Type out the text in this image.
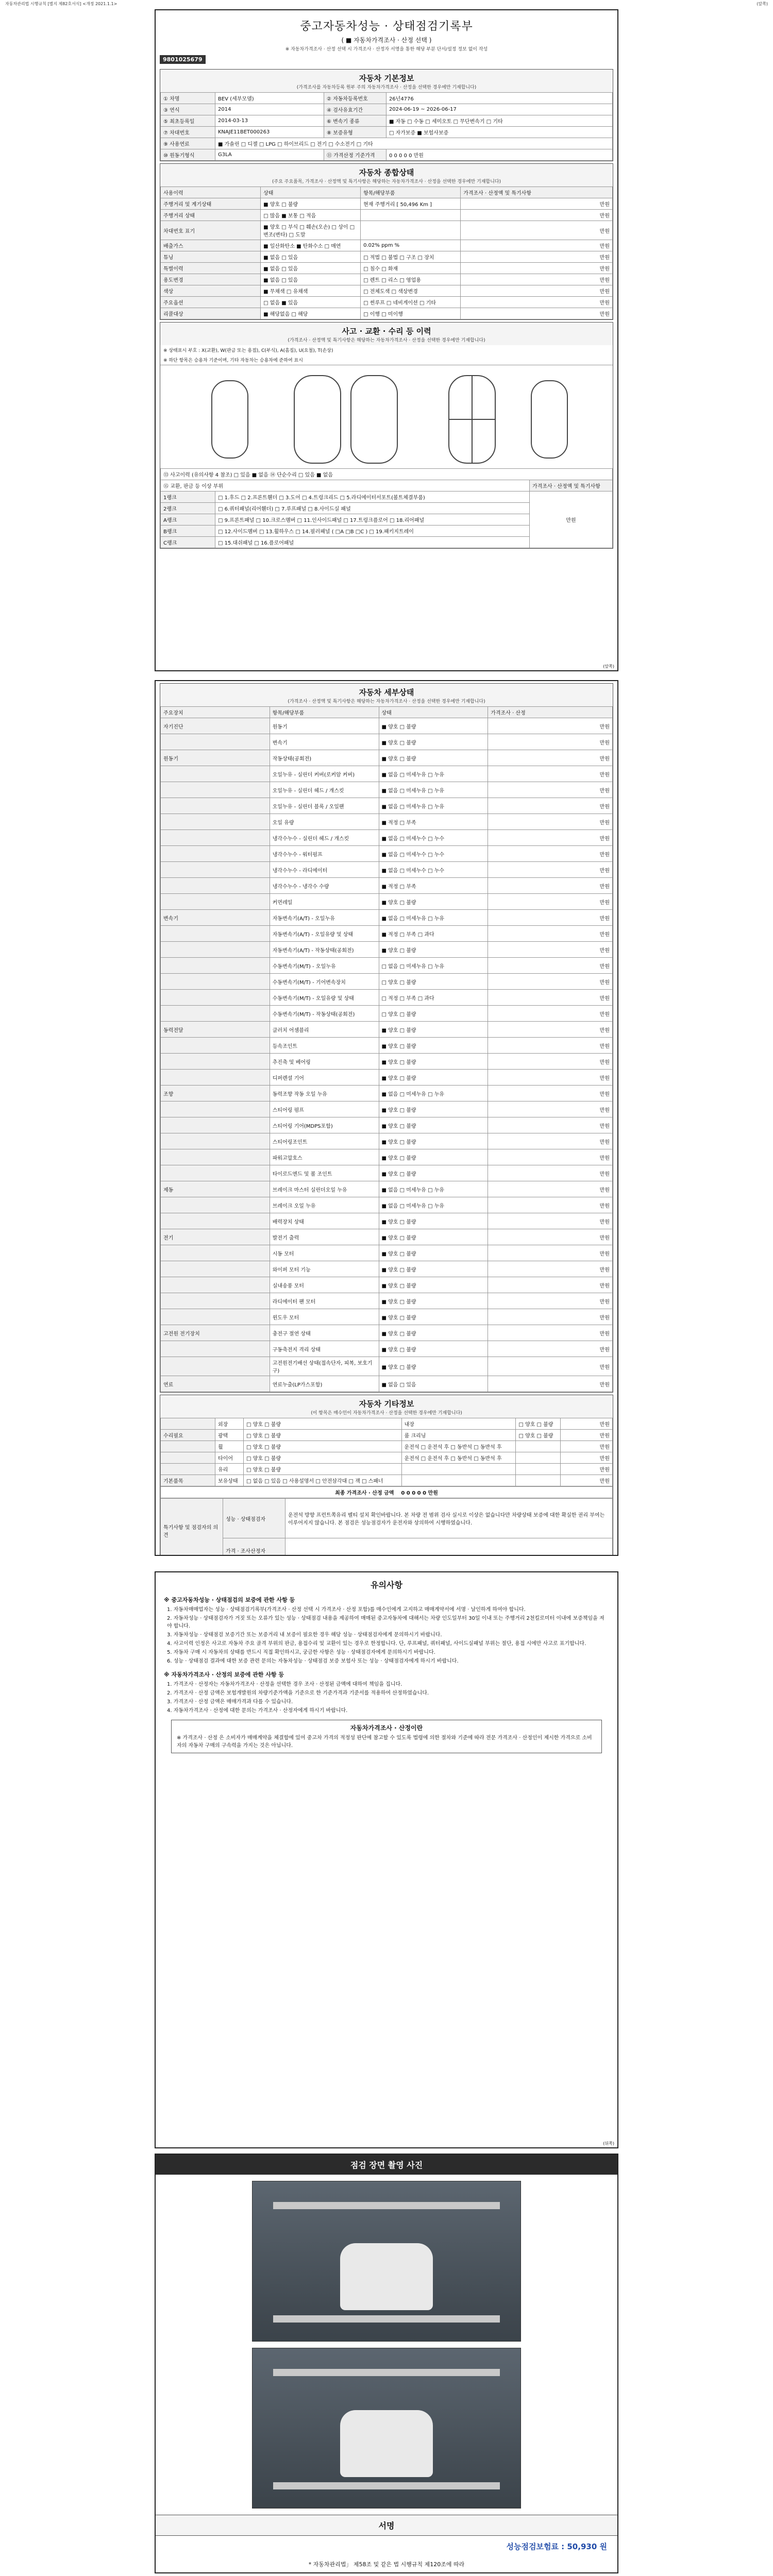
자동차관리법 시행규칙 [별지 제82호서식] <개정 2021.1.1>	(앞쪽)
중고자동차성능 · 상태점검기록부
( ■ 자동차가격조사 · 산정 선택 )
※ 자동차가격조사 · 산정 선택 시 가격조사 · 산정자 서명을 통한 해당 부분 단서/설정 정보 없이 작성
9801025679
자동차 기본정보
(가격조사를 자동차등록 원부 주의 자동차가격조사 · 산정을 선택한 경우에만 기재합니다)
① 차명	BEV (세부모델)	② 자동차등록번호	26넌4776
③ 연식	2014	④ 검사유효기간	2024-06-19 ~ 2026-06-17
⑤ 최초등록일	2014-03-13	⑥ 변속기 종류	■ 자동 □ 수동 □ 세미오토 □ 무단변속기 □ 기타
⑦ 차대번호	KNAJE11BET000263	⑧ 보증유형	□ 자가보증 ■ 보험사보증
⑨ 사용연료	■ 가솔린 □ 디젤 □ LPG □ 하이브리드 □ 전기 □ 수소전기 □ 기타		
⑩ 원동기형식	G3LA	⑪ 가격산정 기준가격	0 0 0 0 0 만원
자동차 종합상태
(주요 주요품목, 가격조사 · 산정액 및 특기사항은 해당하는 자동차가격조사 · 산정을 선택한 경우에만 기재합니다)
사용이력	상태	항목/해당부품	가격조사 · 산정액 및 특기사항
주행거리 및 계기상태	■ 양호 □ 불량	현재 주행거리 [ 50,496 Km ]	만원
주행거리 상태	□ 많음 ■ 보통 □ 적음		만원
차대번호 표기	■ 양호 □ 부식 □ 훼손(오손) □ 상이 □ 변조(변타) □ 도말		만원
배출가스	■ 일산화탄소 ■ 탄화수소 □ 매연	0.02% ppm %	만원
튜닝	■ 없음 □ 있음	□ 적법 □ 불법 □ 구조 □ 장치	만원
특별이력	■ 없음 □ 있음	□ 침수 □ 화재	만원
용도변경	■ 없음 □ 있음	□ 렌트 □ 리스 □ 영업용	만원
색상	■ 무채색 □ 유채색	□ 전체도색 □ 색상변경	만원
주요옵션	□ 없음 ■ 있음	□ 썬루프 □ 네비게이션 □ 기타	만원
리콜대상	■ 해당없음 □ 해당	□ 이행 □ 미이행	만원
사고 · 교환 · 수리 등 이력
(가격조사 · 산정액 및 특기사항은 해당하는 자동차가격조사 · 산정을 선택한 경우에만 기재합니다)
※ 상태표시 부호 : X(교환), W(판금 또는 용접), C(부식), A(흠집), U(요철), T(손상)
※ 하단 항목은 승용차 기준이며, 기타 자동차는 승용차에 준하여 표시
⑬ 사고이력 (유의사항 4 참조) □ 있음 ■ 없음 ⑭ 단순수리 □ 있음 ■ 없음		
⑮ 교환, 판금 등 이상 부위		가격조사 · 산정액 및 특기사항
1랭크	□ 1.후드 □ 2.프론트휀더 □ 3.도어 □ 4.트렁크리드 □ 5.라디에이터서포트(볼트체결부품)	만원
2랭크	□ 6.쿼터패널(리어휀더) □ 7.루프패널 □ 8.사이드실 패널	
A랭크	□ 9.프론트패널 □ 10.크로스멤버 □ 11.인사이드패널 □ 17.트렁크플로어 □ 18.리어패널	
B랭크	□ 12.사이드멤버 □ 13.휠하우스 □ 14.필러패널 ( □A □B □C ) □ 19.패키지트레이	
C랭크	□ 15.대쉬패널 □ 16.플로어패널	
(앞쪽)
자동차 세부상태
(가격조사 · 산정액 및 특기사항은 해당하는 자동차가격조사 · 산정을 선택한 경우에만 기재합니다)
주요장치	항목/해당부품	상태	가격조사 · 산정
자기진단	원동기	■ 양호 □ 불량	만원
	변속기	■ 양호 □ 불량	만원
원동기	작동상태(공회전)	■ 양호 □ 불량	만원
	오일누유 - 실린더 커버(로커암 커버)	■ 없음 □ 미세누유 □ 누유	만원
	오일누유 - 실린더 헤드 / 개스킷	■ 없음 □ 미세누유 □ 누유	만원
	오일누유 - 실린더 블록 / 오일팬	■ 없음 □ 미세누유 □ 누유	만원
	오일 유량	■ 적정 □ 부족	만원
	냉각수누수 - 실린더 헤드 / 개스킷	■ 없음 □ 미세누수 □ 누수	만원
	냉각수누수 - 워터펌프	■ 없음 □ 미세누수 □ 누수	만원
	냉각수누수 - 라디에이터	■ 없음 □ 미세누수 □ 누수	만원
	냉각수누수 - 냉각수 수량	■ 적정 □ 부족	만원
	커먼레일	■ 양호 □ 불량	만원
변속기	자동변속기(A/T) - 오일누유	■ 없음 □ 미세누유 □ 누유	만원
	자동변속기(A/T) - 오일유량 및 상태	■ 적정 □ 부족 □ 과다	만원
	자동변속기(A/T) - 작동상태(공회전)	■ 양호 □ 불량	만원
	수동변속기(M/T) - 오일누유	□ 없음 □ 미세누유 □ 누유	만원
	수동변속기(M/T) - 기어변속장치	□ 양호 □ 불량	만원
	수동변속기(M/T) - 오일유량 및 상태	□ 적정 □ 부족 □ 과다	만원
	수동변속기(M/T) - 작동상태(공회전)	□ 양호 □ 불량	만원
동력전달	클러치 어셈블리	■ 양호 □ 불량	만원
	등속조인트	■ 양호 □ 불량	만원
	추진축 및 베어링	■ 양호 □ 불량	만원
	디퍼렌셜 기어	■ 양호 □ 불량	만원
조향	동력조향 작동 오일 누유	■ 없음 □ 미세누유 □ 누유	만원
	스티어링 펌프	■ 양호 □ 불량	만원
	스티어링 기어(MDPS포함)	■ 양호 □ 불량	만원
	스티어링조인트	■ 양호 □ 불량	만원
	파워고압호스	■ 양호 □ 불량	만원
	타이로드엔드 및 볼 조인트	■ 양호 □ 불량	만원
제동	브레이크 마스터 실린더오일 누유	■ 없음 □ 미세누유 □ 누유	만원
	브레이크 오일 누유	■ 없음 □ 미세누유 □ 누유	만원
	배력장치 상태	■ 양호 □ 불량	만원
전기	발전기 출력	■ 양호 □ 불량	만원
	시동 모터	■ 양호 □ 불량	만원
	와이퍼 모터 기능	■ 양호 □ 불량	만원
	실내송풍 모터	■ 양호 □ 불량	만원
	라디에이터 팬 모터	■ 양호 □ 불량	만원
	윈도우 모터	■ 양호 □ 불량	만원
고전원 전기장치	충전구 절연 상태	■ 양호 □ 불량	만원
	구동축전지 격리 상태	■ 양호 □ 불량	만원
	고전원전기배선 상태(접속단자, 피복, 보호기구)	■ 양호 □ 불량	만원
연료	연료누출(LP가스포함)	■ 없음 □ 있음	만원
자동차 기타정보
(이 항목은 매수인이 자동차가격조사 · 산정을 선택한 경우에만 기재합니다)
	외장	□ 양호 □ 불량	내장	□ 양호 □ 불량	만원
수리필요	광택	□ 양호 □ 불량	룸 크리닝	□ 양호 □ 불량	만원
	휠	□ 양호 □ 불량	운전석 □ 운전석 후 □ 동반석 □ 동반석 후		만원
	타이어	□ 양호 □ 불량	운전석 □ 운전석 후 □ 동반석 □ 동반석 후		만원
	유리	□ 양호 □ 불량			만원
기본품목	보유상태	□ 없음 □ 있음 □ 사용설명서 □ 안전삼각대 □ 잭 □ 스패너			만원
최종 가격조사 · 산정 금액 0 0 0 0 0 만원
특기사항 및 점검자의 의견	성능 · 상태점검자	운전석 방향 프런트쪽유리 벨티 설치 확인바랍니다. 본 차량 전 범위 검사 실시로 이상은 없습니다만 차량상태 보증에 대한 확실한 권리 부여는 이루어지지 않습니다. 본 점검은 성능점검자가 운전자와 상의하여 시행하였습니다.
	가격 · 조사산정자	
유의사항
※ 중고자동차성능 · 상태점검의 보증에 관한 사항 등

1. 자동차매매업자는 성능 · 상태점검기록부(가격조사 · 산정 선택 시 가격조사 · 산정 포함)를 매수인에게 고지하고 매매계약서에 서명 · 날인하게 하여야 합니다.

2. 자동차성능 · 상태점검자가 거짓 또는 오류가 있는 성능 · 상태점검 내용을 제공하여 매매된 중고자동차에 대해서는 차량 인도일부터 30일 이내 또는 주행거리 2천킬로미터 이내에 보증책임을 져야 합니다.

3. 자동차성능 · 상태점검 보증기간 또는 보증거리 내 보증이 필요한 경우 해당 성능 · 상태점검자에게 문의하시기 바랍니다.

4. 사고이력 인정은 사고로 자동차 주요 골격 부위의 판금, 용접수리 및 교환이 있는 경우로 한정합니다. 단, 루프패널, 쿼터패널, 사이드실패널 부위는 절단, 용접 시에만 사고로 표기합니다.

5. 자동차 구매 시 자동차의 상태를 반드시 직접 확인하시고, 궁금한 사항은 성능 · 상태점검자에게 문의하시기 바랍니다.

6. 성능 · 상태점검 결과에 대한 보증 관련 문의는 자동차성능 · 상태점검 보증 보험사 또는 성능 · 상태점검자에게 하시기 바랍니다.

※ 자동차가격조사 · 산정의 보증에 관한 사항 등

1. 가격조사 · 산정자는 자동차가격조사 · 산정을 선택한 경우 조사 · 산정된 금액에 대하여 책임을 집니다.

2. 가격조사 · 산정 금액은 보험개발원의 차량기준가액을 기준으로 한 기준가격과 기준서를 적용하여 산정하였습니다.

3. 가격조사 · 산정 금액은 매매가격과 다를 수 있습니다.

4. 자동차가격조사 · 산정에 대한 문의는 가격조사 · 산정자에게 하시기 바랍니다.

자동차가격조사 · 산정이란
※ 가격조사 · 산정 은 소비자가 매매계약을 체결함에 있어 중고차 가격의 적정성 판단에 참고할 수 있도록 법령에 의한 절차와 기준에 따라 전문 가격조사 · 산정인이 제시한 가격으로 소비자의 자동차 구매의 구속력을 가지는 것은 아닙니다.
(뒤쪽)
점검 장면 촬영 사진
서명
성능점검보험료 : 50,930 원
* 자동차관리법」 제58조 및 같은 법 시행규칙 제120조에 따라
